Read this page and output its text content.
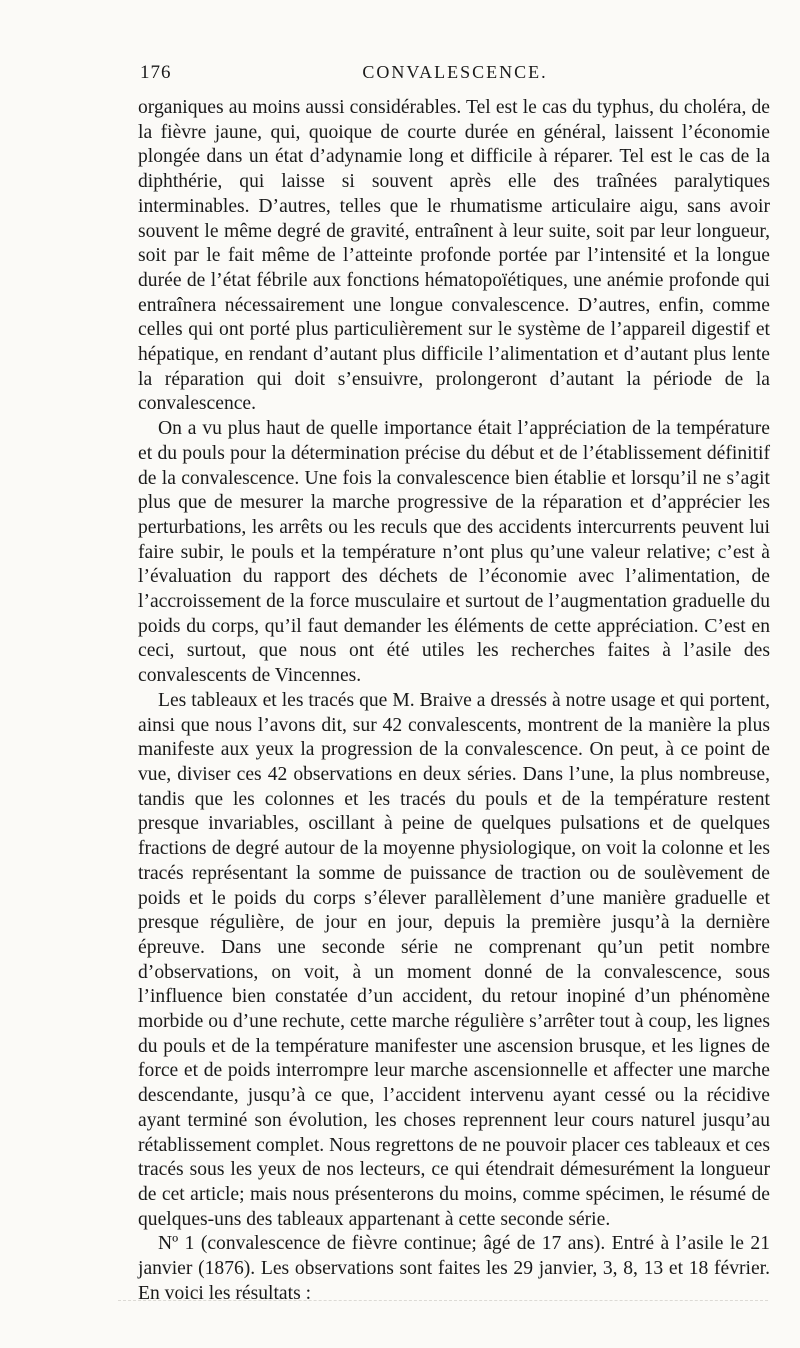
176	CONVALESCENCE.

organiques au moins aussi considérables. Tel est le cas du typhus, du choléra, de la fièvre jaune, qui, quoique de courte durée en général, laissent l’économie plongée dans un état d’adynamie long et difficile à réparer. Tel est le cas de la diphthérie, qui laisse si souvent après elle des traînées paralytiques interminables. D’autres, telles que le rhumatisme articulaire aigu, sans avoir souvent le même degré de gravité, entraînent à leur suite, soit par leur longueur, soit par le fait même de l’atteinte profonde portée par l’intensité et la longue durée de l’état fébrile aux fonctions hématopoïétiques, une anémie profonde qui entraînera nécessairement une longue convalescence. D’autres, enfin, comme celles qui ont porté plus particulièrement sur le système de l’appareil digestif et hépatique, en rendant d’autant plus difficile l’alimentation et d’autant plus lente la réparation qui doit s’ensuivre, prolongeront d’autant la période de la convalescence.

On a vu plus haut de quelle importance était l’appréciation de la température et du pouls pour la détermination précise du début et de l’établissement définitif de la convalescence. Une fois la convalescence bien établie et lorsqu’il ne s’agit plus que de mesurer la marche progressive de la réparation et d’apprécier les perturbations, les arrêts ou les reculs que des accidents intercurrents peuvent lui faire subir, le pouls et la température n’ont plus qu’une valeur relative; c’est à l’évaluation du rapport des déchets de l’économie avec l’alimentation, de l’accroissement de la force musculaire et surtout de l’augmentation graduelle du poids du corps, qu’il faut demander les éléments de cette appréciation. C’est en ceci, surtout, que nous ont été utiles les recherches faites à l’asile des convalescents de Vincennes.

Les tableaux et les tracés que M. Braive a dressés à notre usage et qui portent, ainsi que nous l’avons dit, sur 42 convalescents, montrent de la manière la plus manifeste aux yeux la progression de la convalescence. On peut, à ce point de vue, diviser ces 42 observations en deux séries. Dans l’une, la plus nombreuse, tandis que les colonnes et les tracés du pouls et de la température restent presque invariables, oscillant à peine de quelques pulsations et de quelques fractions de degré autour de la moyenne physiologique, on voit la colonne et les tracés représentant la somme de puissance de traction ou de soulèvement de poids et le poids du corps s’élever parallèlement d’une manière graduelle et presque régulière, de jour en jour, depuis la première jusqu’à la dernière épreuve. Dans une seconde série ne comprenant qu’un petit nombre d’observations, on voit, à un moment donné de la convalescence, sous l’influence bien constatée d’un accident, du retour inopiné d’un phénomène morbide ou d’une rechute, cette marche régulière s’arrêter tout à coup, les lignes du pouls et de la température manifester une ascension brusque, et les lignes de force et de poids interrompre leur marche ascensionnelle et affecter une marche descendante, jusqu’à ce que, l’accident intervenu ayant cessé ou la récidive ayant terminé son évolution, les choses reprennent leur cours naturel jusqu’au rétablissement complet. Nous regrettons de ne pouvoir placer ces tableaux et ces tracés sous les yeux de nos lecteurs, ce qui étendrait démesurément la longueur de cet article; mais nous présenterons du moins, comme spécimen, le résumé de quelques-uns des tableaux appartenant à cette seconde série.

Nº 1 (convalescence de fièvre continue; âgé de 17 ans). Entré à l’asile le 21 janvier (1876). Les observations sont faites les 29 janvier, 3, 8, 13 et 18 février. En voici les résultats :
